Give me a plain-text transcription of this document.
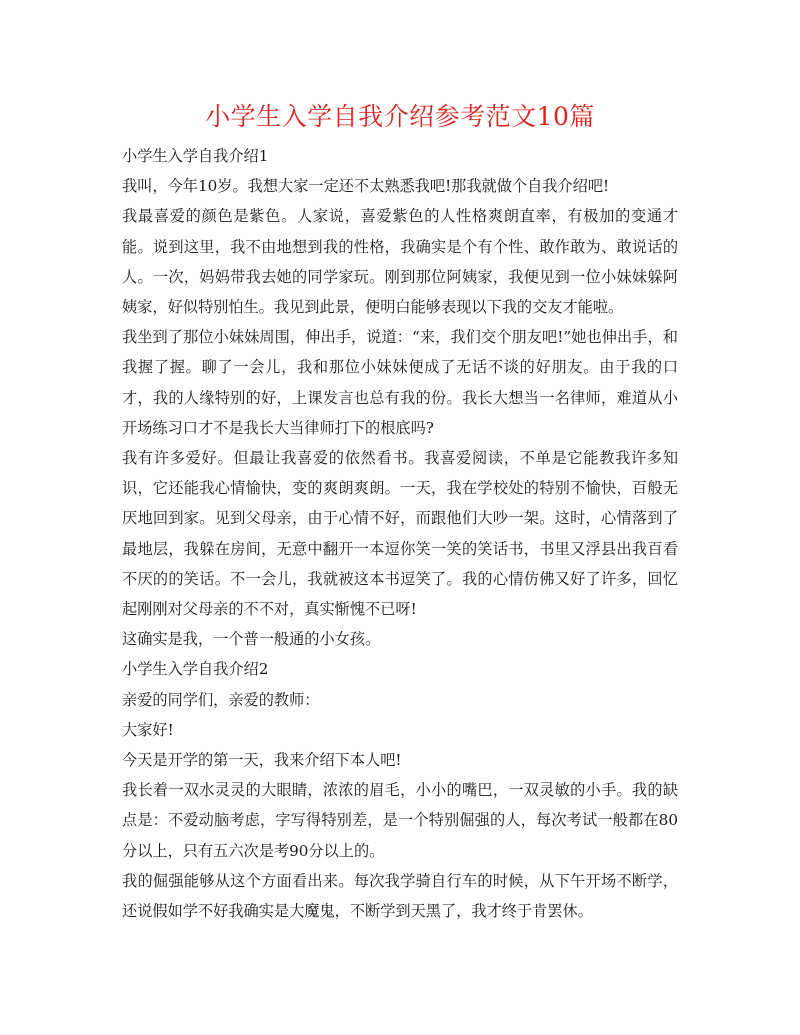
小学生入学自我介绍参考范文10篇

小学生入学自我介绍1

我叫，今年10岁。我想大家一定还不太熟悉我吧!那我就做个自我介绍吧!

我最喜爱的颜色是紫色。人家说，喜爱紫色的人性格爽朗直率，有极加的变通才能。说到这里，我不由地想到我的性格，我确实是个有个性、敢作敢为、敢说话的人。一次，妈妈带我去她的同学家玩。刚到那位阿姨家，我便见到一位小妹妹躲阿姨家，好似特别怕生。我见到此景，便明白能够表现以下我的交友才能啦。

我坐到了那位小妹妹周围，伸出手，说道：“来，我们交个朋友吧!”她也伸出手，和我握了握。聊了一会儿，我和那位小妹妹便成了无话不谈的好朋友。由于我的口才，我的人缘特别的好，上课发言也总有我的份。我长大想当一名律师，难道从小开场练习口才不是我长大当律师打下的根底吗?

我有许多爱好。但最让我喜爱的依然看书。我喜爱阅读，不单是它能教我许多知识，它还能我心情愉快，变的爽朗爽朗。一天，我在学校处的特别不愉快，百般无厌地回到家。见到父母亲，由于心情不好，而跟他们大吵一架。这时，心情落到了最地层，我躲在房间，无意中翻开一本逗你笑一笑的笑话书，书里又浮县出我百看不厌的的笑话。不一会儿，我就被这本书逗笑了。我的心情仿佛又好了许多，回忆起刚刚对父母亲的不不对，真实惭愧不已呀!

这确实是我，一个普一般通的小女孩。

小学生入学自我介绍2

亲爱的同学们，亲爱的教师：

大家好!

今天是开学的第一天，我来介绍下本人吧!

我长着一双水灵灵的大眼睛，浓浓的眉毛，小小的嘴巴，一双灵敏的小手。我的缺点是：不爱动脑考虑，字写得特别差，是一个特别倔强的人，每次考试一般都在80分以上，只有五六次是考90分以上的。

我的倔强能够从这个方面看出来。每次我学骑自行车的时候，从下午开场不断学，还说假如学不好我确实是大魔鬼，不断学到天黑了，我才终于肯罢休。
